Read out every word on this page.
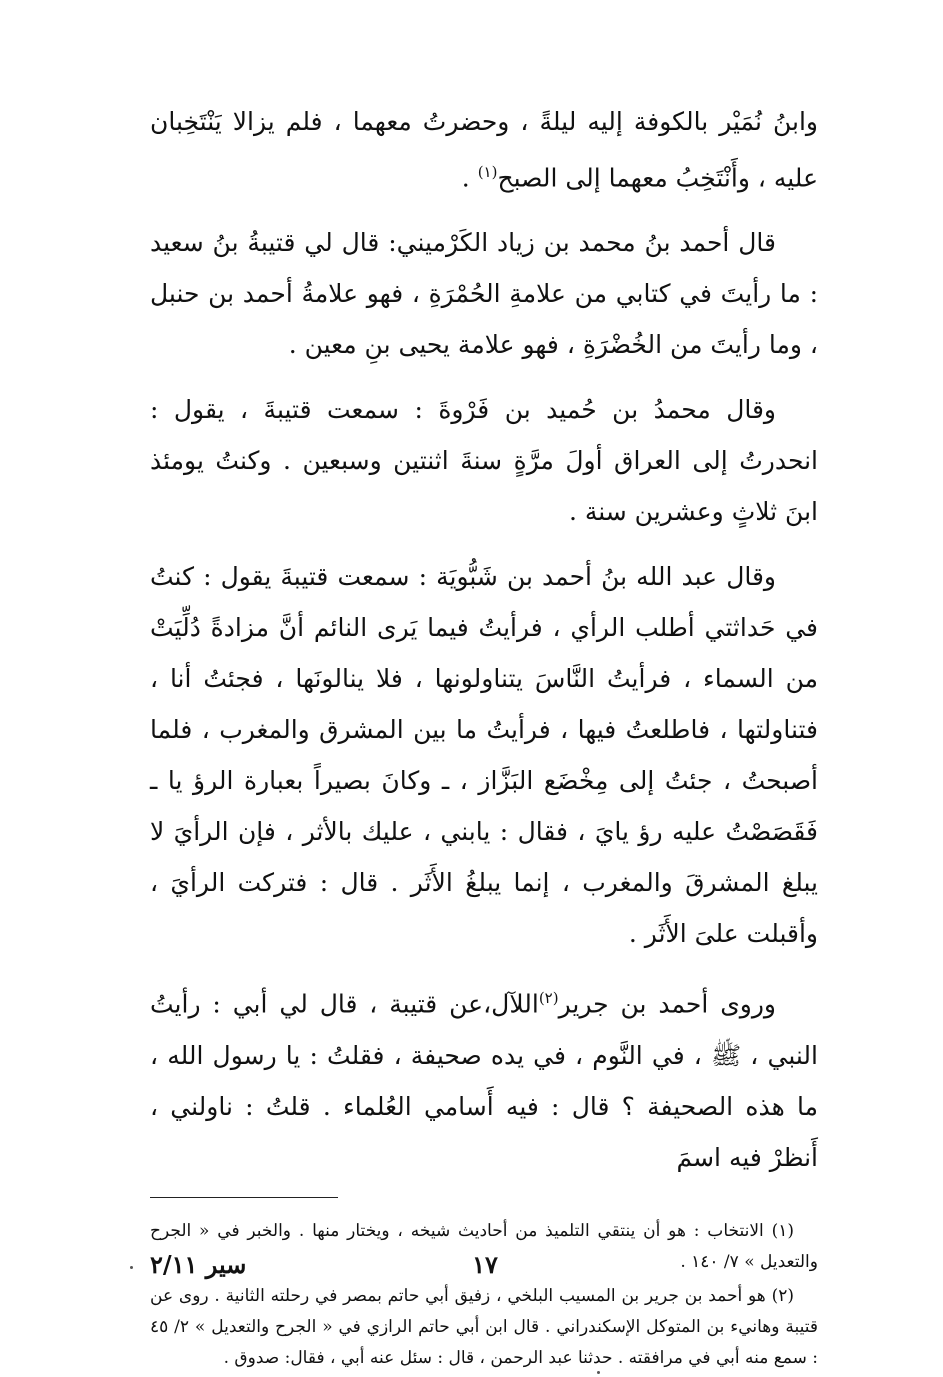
وابنُ نُمَيْر بالكوفة إليه ليلةً ، وحضرتُ معهما ، فلم يزالا يَنْتَخِبان عليه ، وأَنْتَخِبُ معهما إلى الصبح$^{(١)}$ .

قال أحمد بنُ محمد بن زياد الكَرْميني: قال لي قتيبةُ بنُ سعيد : ما رأيتَ في كتابي من علامةِ الحُمْرَةِ ، فهو علامةُ أحمد بن حنبل ، وما رأيتَ من الخُضْرَةِ ، فهو علامة يحيى بنِ معين .

وقال محمدُ بن حُميد بن فَرْوةَ : سمعت قتيبةَ ، يقول : انحدرتُ إلى العراق أولَ مرَّةٍ سنةَ اثنتين وسبعين . وكنتُ يومئذ ابنَ ثلاثٍ وعشرين سنة .

وقال عبد الله بنُ أحمد بن شَبُّويَة : سمعت قتيبةَ يقول : كنتُ في حَداثتي أطلب الرأي ، فرأيتُ فيما يَرى النائم أنَّ مزادةً دُلِّيَتْ من السماء ، فرأيتُ النَّاسَ يتناولونها ، فلا ينالونَها ، فجئتُ أنا ، فتناولتها ، فاطلعتُ فيها ، فرأيتُ ما بين المشرق والمغرب ، فلما أصبحتُ ، جئتُ إلى مِخْضَع البَزَّاز ، ـ وكانَ بصيراً بعبارة الرؤ يا ـ فَقَصَصْتُ عليه رؤ يايَ ، فقال : يابني ، عليك بالأثر ، فإن الرأيَ لا يبلغ المشرقَ والمغرب ، إنما يبلغُ الأَثَر . قال : فتركت الرأيَ ، وأقبلت علىَ الأَثَر .

وروى أحمد بن جرير$^{(٢)}$اللآل،عن قتيبة ، قال لي أبي : رأيتُ النبي ، ﷺ ، في النَّوم ، في يده صحيفة ، فقلتُ : يا رسول الله ، ما هذه الصحيفة ؟ قال : فيه أَسامي العُلماء . قلتُ : ناولني ، أَنظرْ فيه اسمَ

(١) الانتخاب : هو أن ينتقي التلميذ من أحاديث شيخه ، ويختار منها . والخبر في « الجرح والتعديل » ٧/ ١٤٠ .

(٢) هو أحمد بن جرير بن المسيب البلخي ، زفيق أبي حاتم بمصر في رحلته الثانية . روى عن قتيبة وهانيء بن المتوكل الإسكندراني . قال ابن أبي حاتم الرازي في « الجرح والتعديل » ٢/ ٤٥ : سمع منه أبي في مرافقته . حدثنا عبد الرحمن ، قال : سئل عنه أبي ، فقال: صدوق .

١٧
سير ٢/١١
